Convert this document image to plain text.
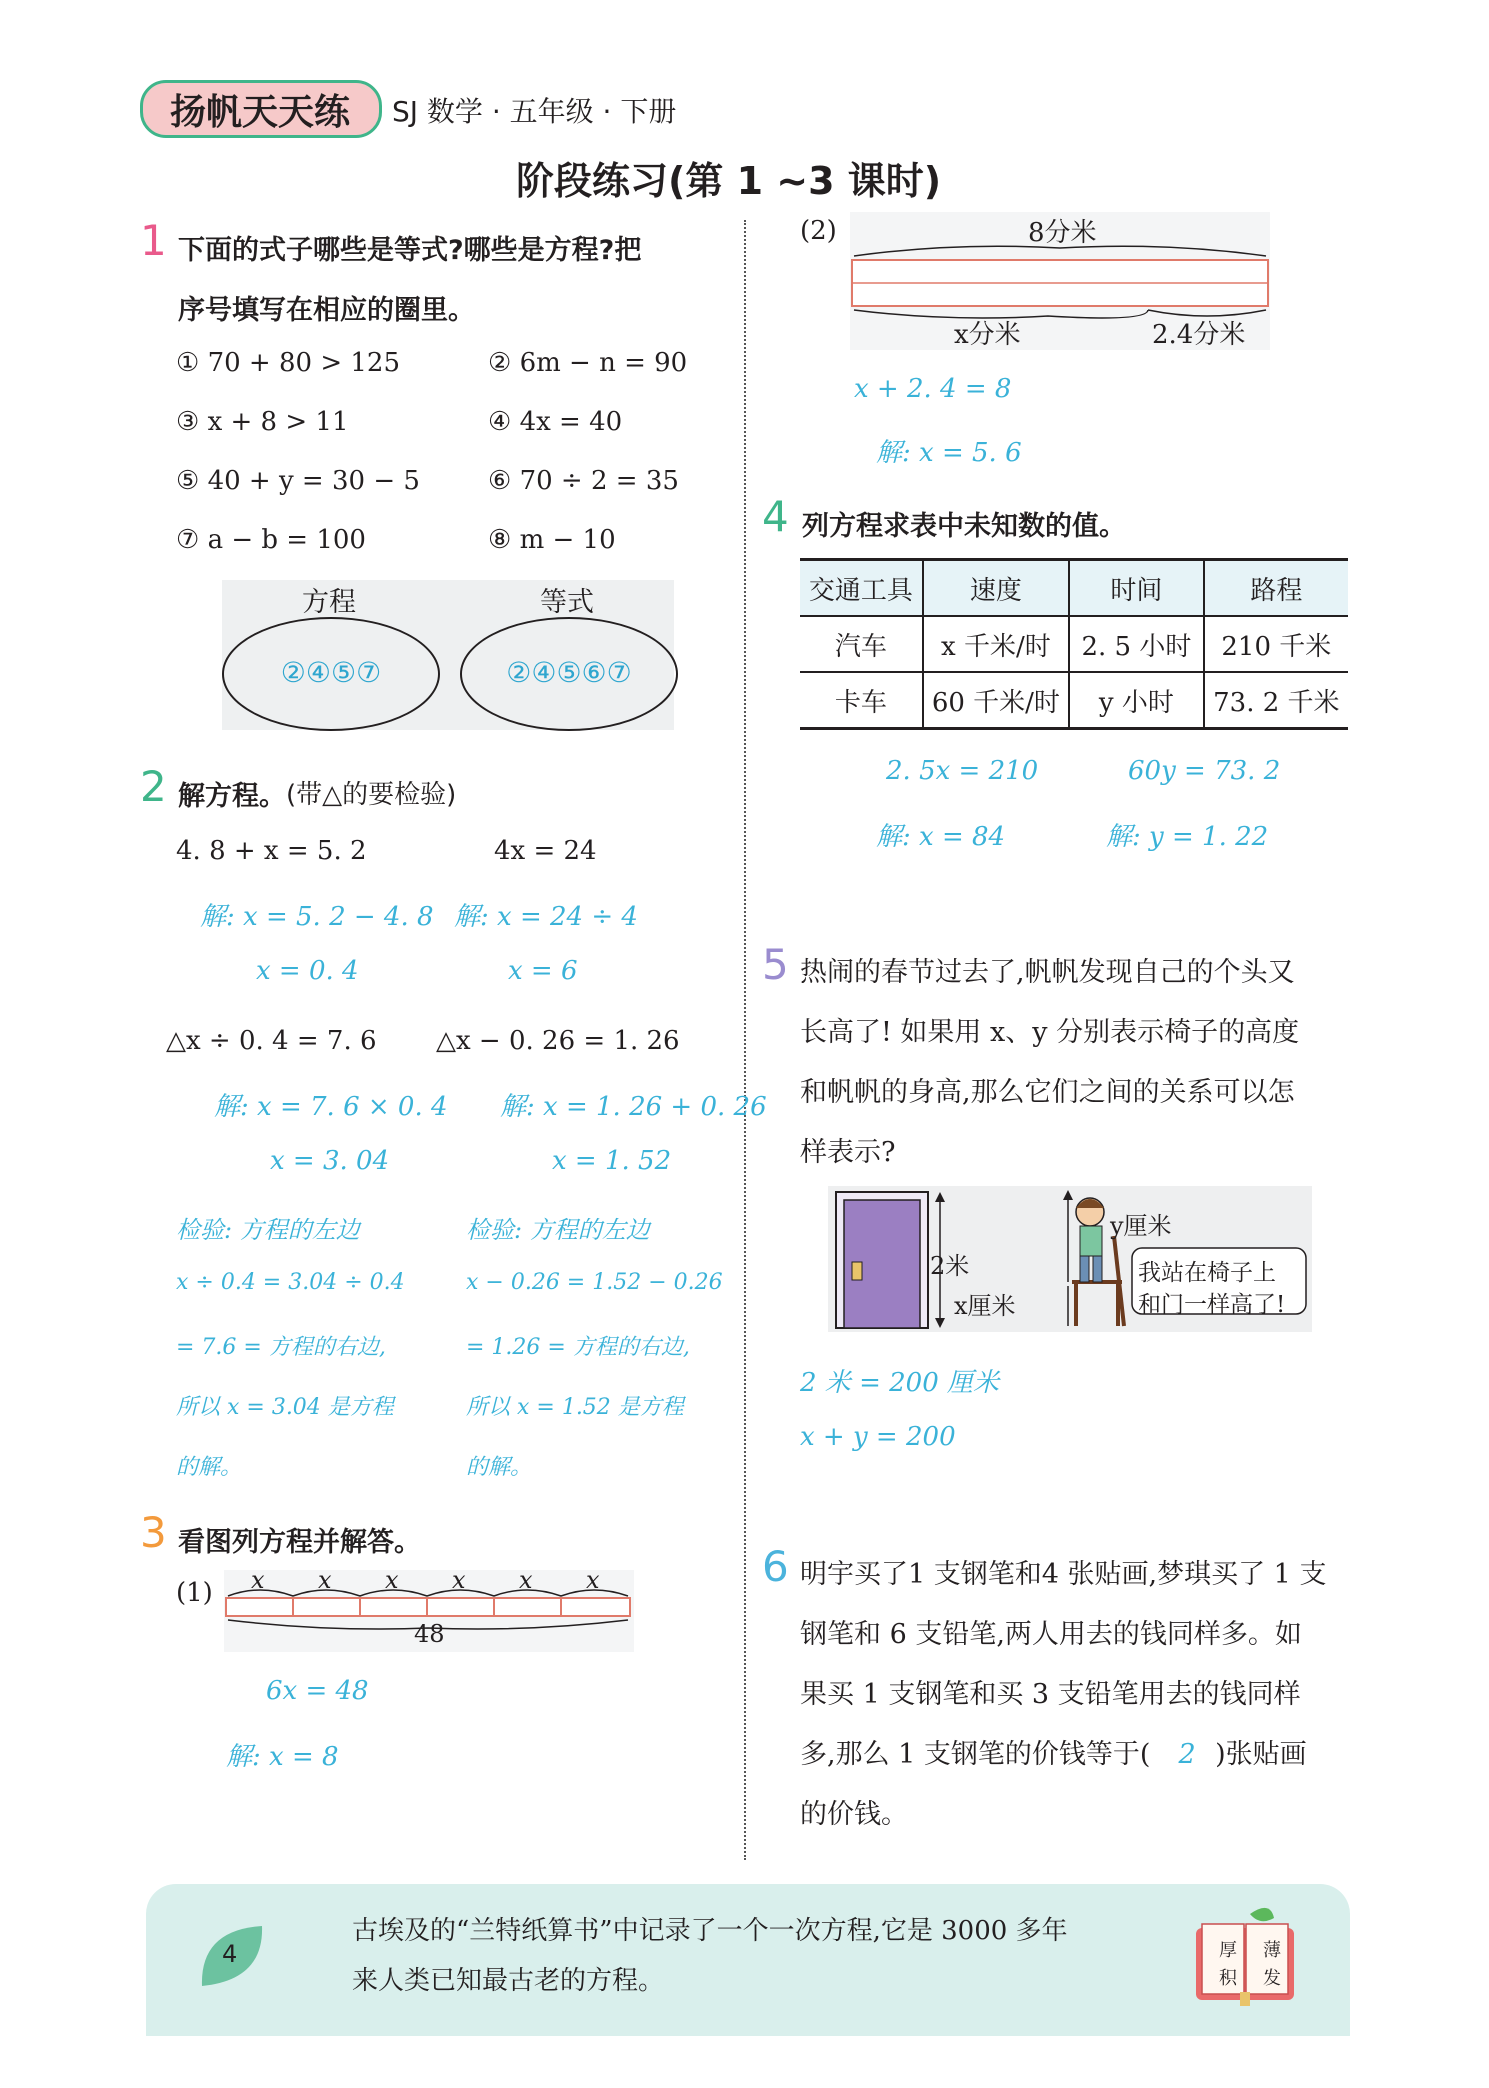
扬帆天天练	SJ 数学 · 五年级 · 下册
阶段练习(第 1 ~3 课时)
1 下面的式子哪些是等式?哪些是方程?把
序号填写在相应的圈里。
① 70 + 80 > 125	② 6m − n = 90
③ x + 8 > 11	④ 4x = 40
⑤ 40 + y = 30 − 5	⑥ 70 ÷ 2 = 35
⑦ a − b = 100	⑧ m − 10
方程	等式
②④⑤⑦	②④⑤⑥⑦
2 解方程。 (带△的要检验)
4. 8 + x = 5. 2	4x = 24
解: x = 5. 2 − 4. 8 解: x = 24 ÷ 4
x = 0. 4	x = 6
△x ÷ 0. 4 = 7. 6 △x − 0. 26 = 1. 26
解: x = 7. 6 × 0. 4 解: x = 1. 26 + 0. 26
x = 3. 04	x = 1. 52
检验: 方程的左边
x ÷ 0.4 = 3.04 ÷ 0.4
= 7.6 = 方程的右边,
所以 x = 3.04 是方程
的解。
检验: 方程的左边
x − 0.26 = 1.52 − 0.26
= 1.26 = 方程的右边,
所以 x = 1.52 是方程
的解。
3 看图列方程并解答。
(1) x x x x x x
48
6x = 48
解: x = 8
(2)	8分米
x分米	2.4分米
x + 2. 4 = 8
解: x = 5. 6
4 列方程求表中未知数的值。
交通工具	速度	时间	路程
汽车	x 千米/时	2. 5 小时	210 千米
卡车	60 千米/时	y 小时	73. 2 千米
2. 5x = 210	60y = 73. 2
解: x = 84	解: y = 1. 22
5 热闹的春节过去了,帆帆发现自己的个头又
长高了! 如果用 x、y 分别表示椅子的高度
和帆帆的身高,那么它们之间的关系可以怎
样表示?
2米
y厘米
x厘米
我站在椅子上
和门一样高了!
2 米 = 200 厘米
x + y = 200
6 明宇买了1 支钢笔和4 张贴画,梦琪买了 1 支
钢笔和 6 支铅笔,两人用去的钱同样多。如
果买 1 支钢笔和买 3 支铅笔用去的钱同样
多,那么 1 支钢笔的价钱等于( 2 )张贴画
的价钱。
4
古埃及的“兰特纸算书”中记录了一个一次方程,它是 3000 多年
来人类已知最古老的方程。
厚 薄
积 发
